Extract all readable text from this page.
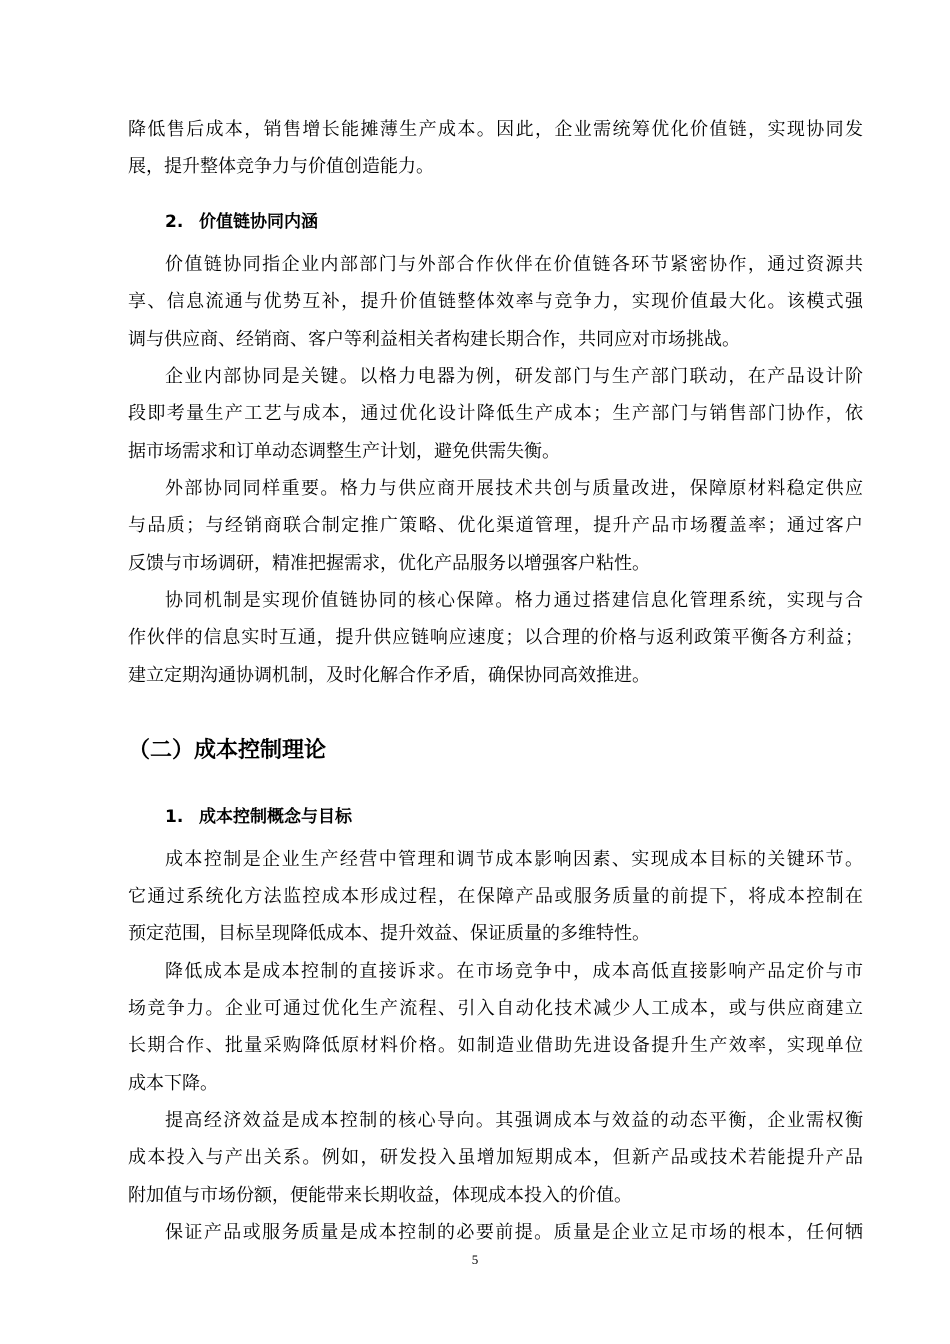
降低售后成本，销售增长能摊薄生产成本。因此，企业需统筹优化价值链，实现协同发
展，提升整体竞争力与价值创造能力。
2. 价值链协同内涵
价值链协同指企业内部部门与外部合作伙伴在价值链各环节紧密协作，通过资源共
享、信息流通与优势互补，提升价值链整体效率与竞争力，实现价值最大化。该模式强
调与供应商、经销商、客户等利益相关者构建长期合作，共同应对市场挑战。
企业内部协同是关键。以格力电器为例，研发部门与生产部门联动，在产品设计阶
段即考量生产工艺与成本，通过优化设计降低生产成本；生产部门与销售部门协作，依
据市场需求和订单动态调整生产计划，避免供需失衡。
外部协同同样重要。格力与供应商开展技术共创与质量改进，保障原材料稳定供应
与品质；与经销商联合制定推广策略、优化渠道管理，提升产品市场覆盖率；通过客户
反馈与市场调研，精准把握需求，优化产品服务以增强客户粘性。
协同机制是实现价值链协同的核心保障。格力通过搭建信息化管理系统，实现与合
作伙伴的信息实时互通，提升供应链响应速度；以合理的价格与返利政策平衡各方利益；
建立定期沟通协调机制，及时化解合作矛盾，确保协同高效推进。
（二）成本控制理论
1. 成本控制概念与目标
成本控制是企业生产经营中管理和调节成本影响因素、实现成本目标的关键环节。
它通过系统化方法监控成本形成过程，在保障产品或服务质量的前提下，将成本控制在
预定范围，目标呈现降低成本、提升效益、保证质量的多维特性。
降低成本是成本控制的直接诉求。在市场竞争中，成本高低直接影响产品定价与市
场竞争力。企业可通过优化生产流程、引入自动化技术减少人工成本，或与供应商建立
长期合作、批量采购降低原材料价格。如制造业借助先进设备提升生产效率，实现单位
成本下降。
提高经济效益是成本控制的核心导向。其强调成本与效益的动态平衡，企业需权衡
成本投入与产出关系。例如，研发投入虽增加短期成本，但新产品或技术若能提升产品
附加值与市场份额，便能带来长期收益，体现成本投入的价值。
保证产品或服务质量是成本控制的必要前提。质量是企业立足市场的根本，任何牺
5
